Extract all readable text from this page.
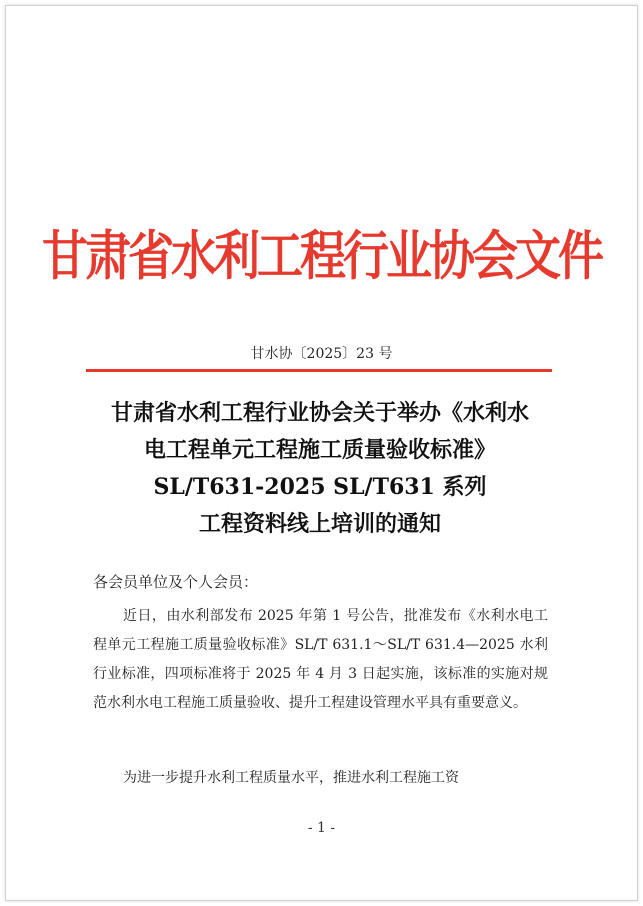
甘肃省水利工程行业协会文件
甘水协〔2025〕23 号
甘肃省水利工程行业协会关于举办《水利水
电工程单元工程施工质量验收标准》
SL/T631-2025 SL/T631 系列
工程资料线上培训的通知
各会员单位及个人会员：
近日，由水利部发布 2025 年第 1 号公告，批准发布《水利水电工程单元工程施工质量验收标准》SL/T 631.1～SL/T 631.4—2025 水利行业标准，四项标准将于 2025 年 4 月 3 日起实施，该标准的实施对规范水利水电工程施工质量验收、提升工程建设管理水平具有重要意义。
为进一步提升水利工程质量水平，推进水利工程施工资
- 1 -
